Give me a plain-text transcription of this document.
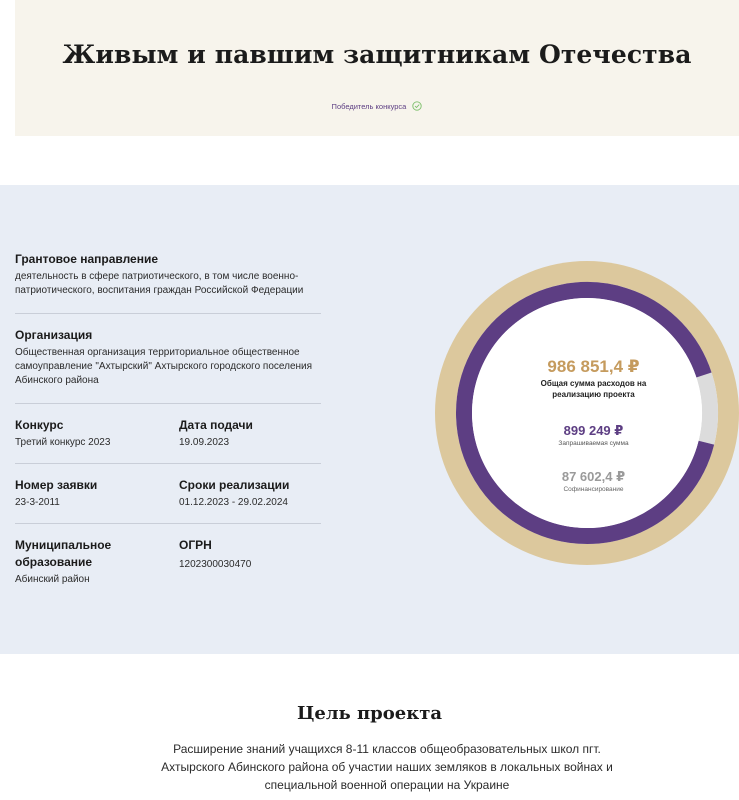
Живым и павшим защитникам Отечества
Победитель конкурса
Грантовое направление
деятельность в сфере патриотического, в том числе военно-патриотического, воспитания граждан Российской Федерации
Организация
Общественная организация территориальное общественное самоуправление "Ахтырский" Ахтырского городского поселения Абинского района
Конкурс
Третий конкурс 2023
Дата подачи
19.09.2023
Номер заявки
23-3-2011
Сроки реализации
01.12.2023 - 29.02.2024
Муниципальное образование
Абинский район
ОГРН
1202300030470
986 851,4 ₽
Общая сумма расходов на реализацию проекта
899 249 ₽
Запрашиваемая сумма
87 602,4 ₽
Софинансирование
Цель проекта

Расширение знаний учащихся 8-11 классов общеобразовательных школ пгт. Ахтырского Абинского района об участии наших земляков в локальных войнах и специальной военной операции на Украине
